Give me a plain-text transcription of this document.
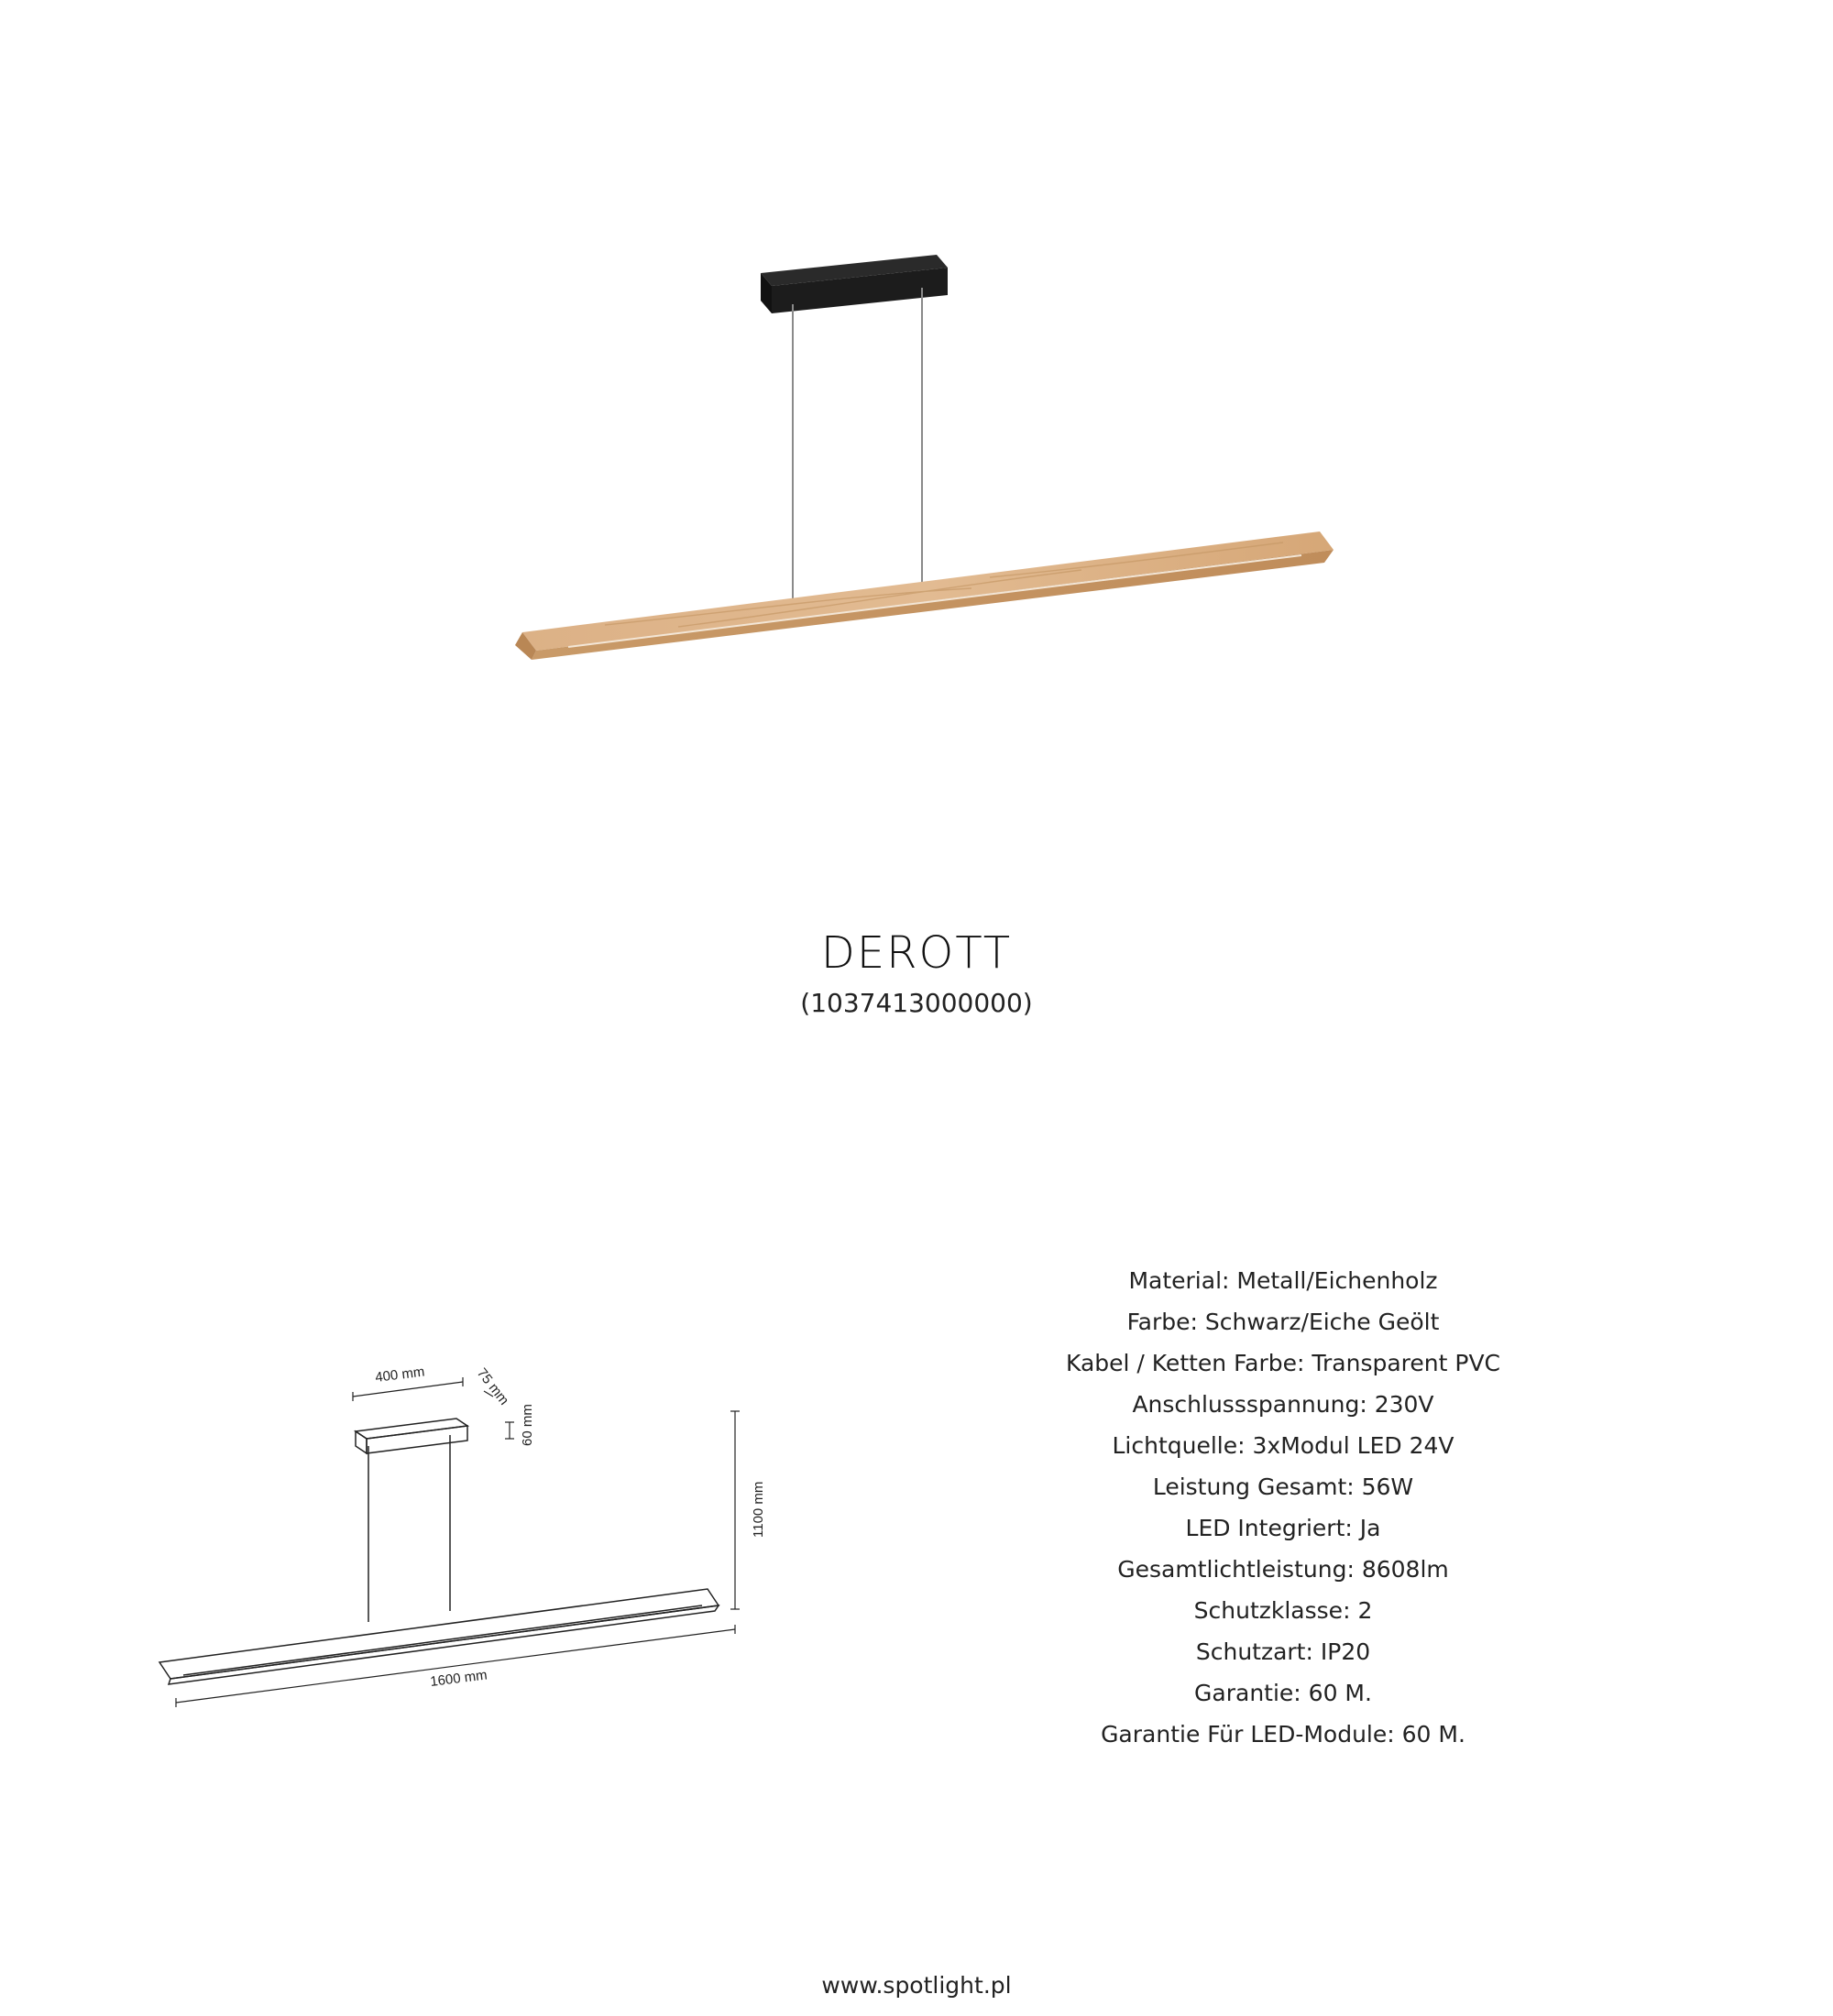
DEROTT
(1037413000000)
400 mm	75 mm
60 mm
1100 mm
1600 mm
Material: Metall/Eichenholz
Farbe: Schwarz/Eiche Geölt
Kabel / Ketten Farbe: Transparent PVC
Anschlussspannung: 230V
Lichtquelle: 3xModul LED 24V
Leistung Gesamt: 56W
LED Integriert: Ja
Gesamtlichtleistung: 8608lm
Schutzklasse: 2
Schutzart: IP20
Garantie: 60 M.
Garantie Für LED-Module: 60 M.
www.spotlight.pl
